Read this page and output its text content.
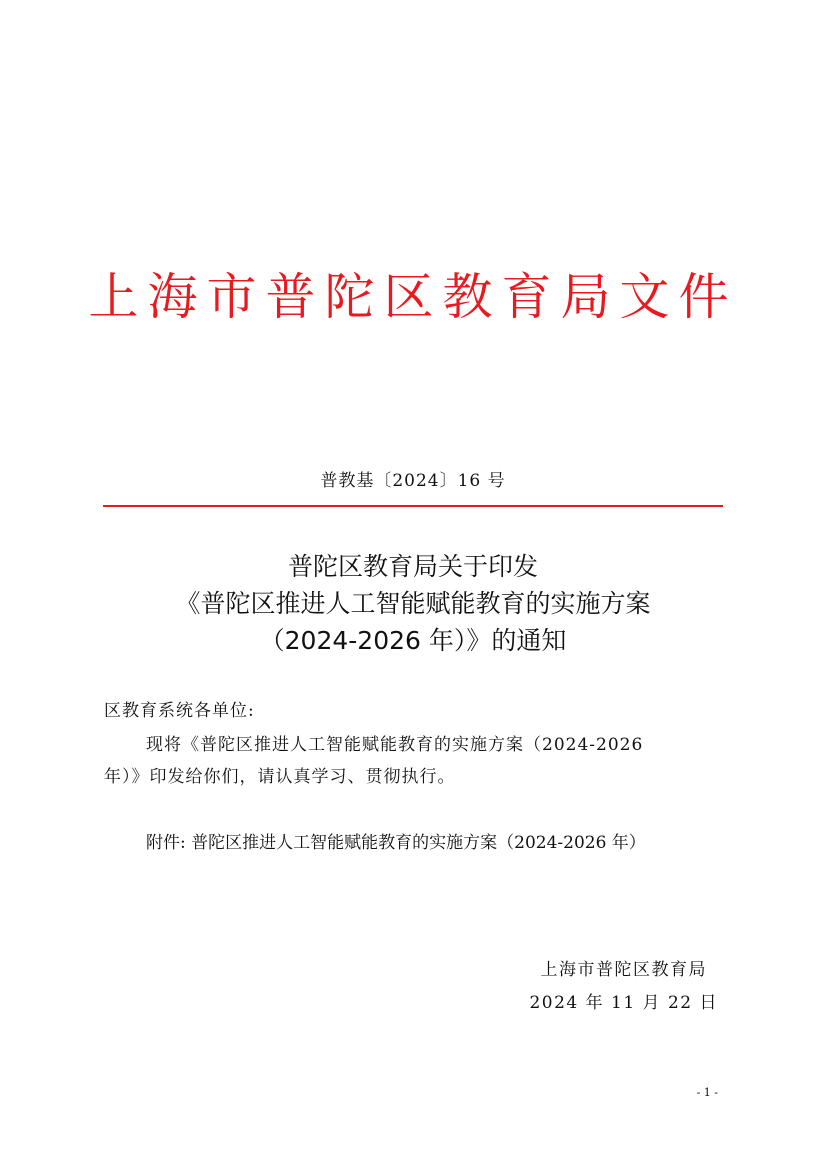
上海市普陀区教育局文件
普教基〔2024〕16 号
普陀区教育局关于印发
《普陀区推进人工智能赋能教育的实施方案
（2024-2026 年）》的通知
区教育系统各单位:
现将《普陀区推进人工智能赋能教育的实施方案（2024-2026
年）》印发给你们，请认真学习、贯彻执行。
附件: 普陀区推进人工智能赋能教育的实施方案（2024-2026 年）
上海市普陀区教育局
2024 年 11 月 22 日
- 1 -
